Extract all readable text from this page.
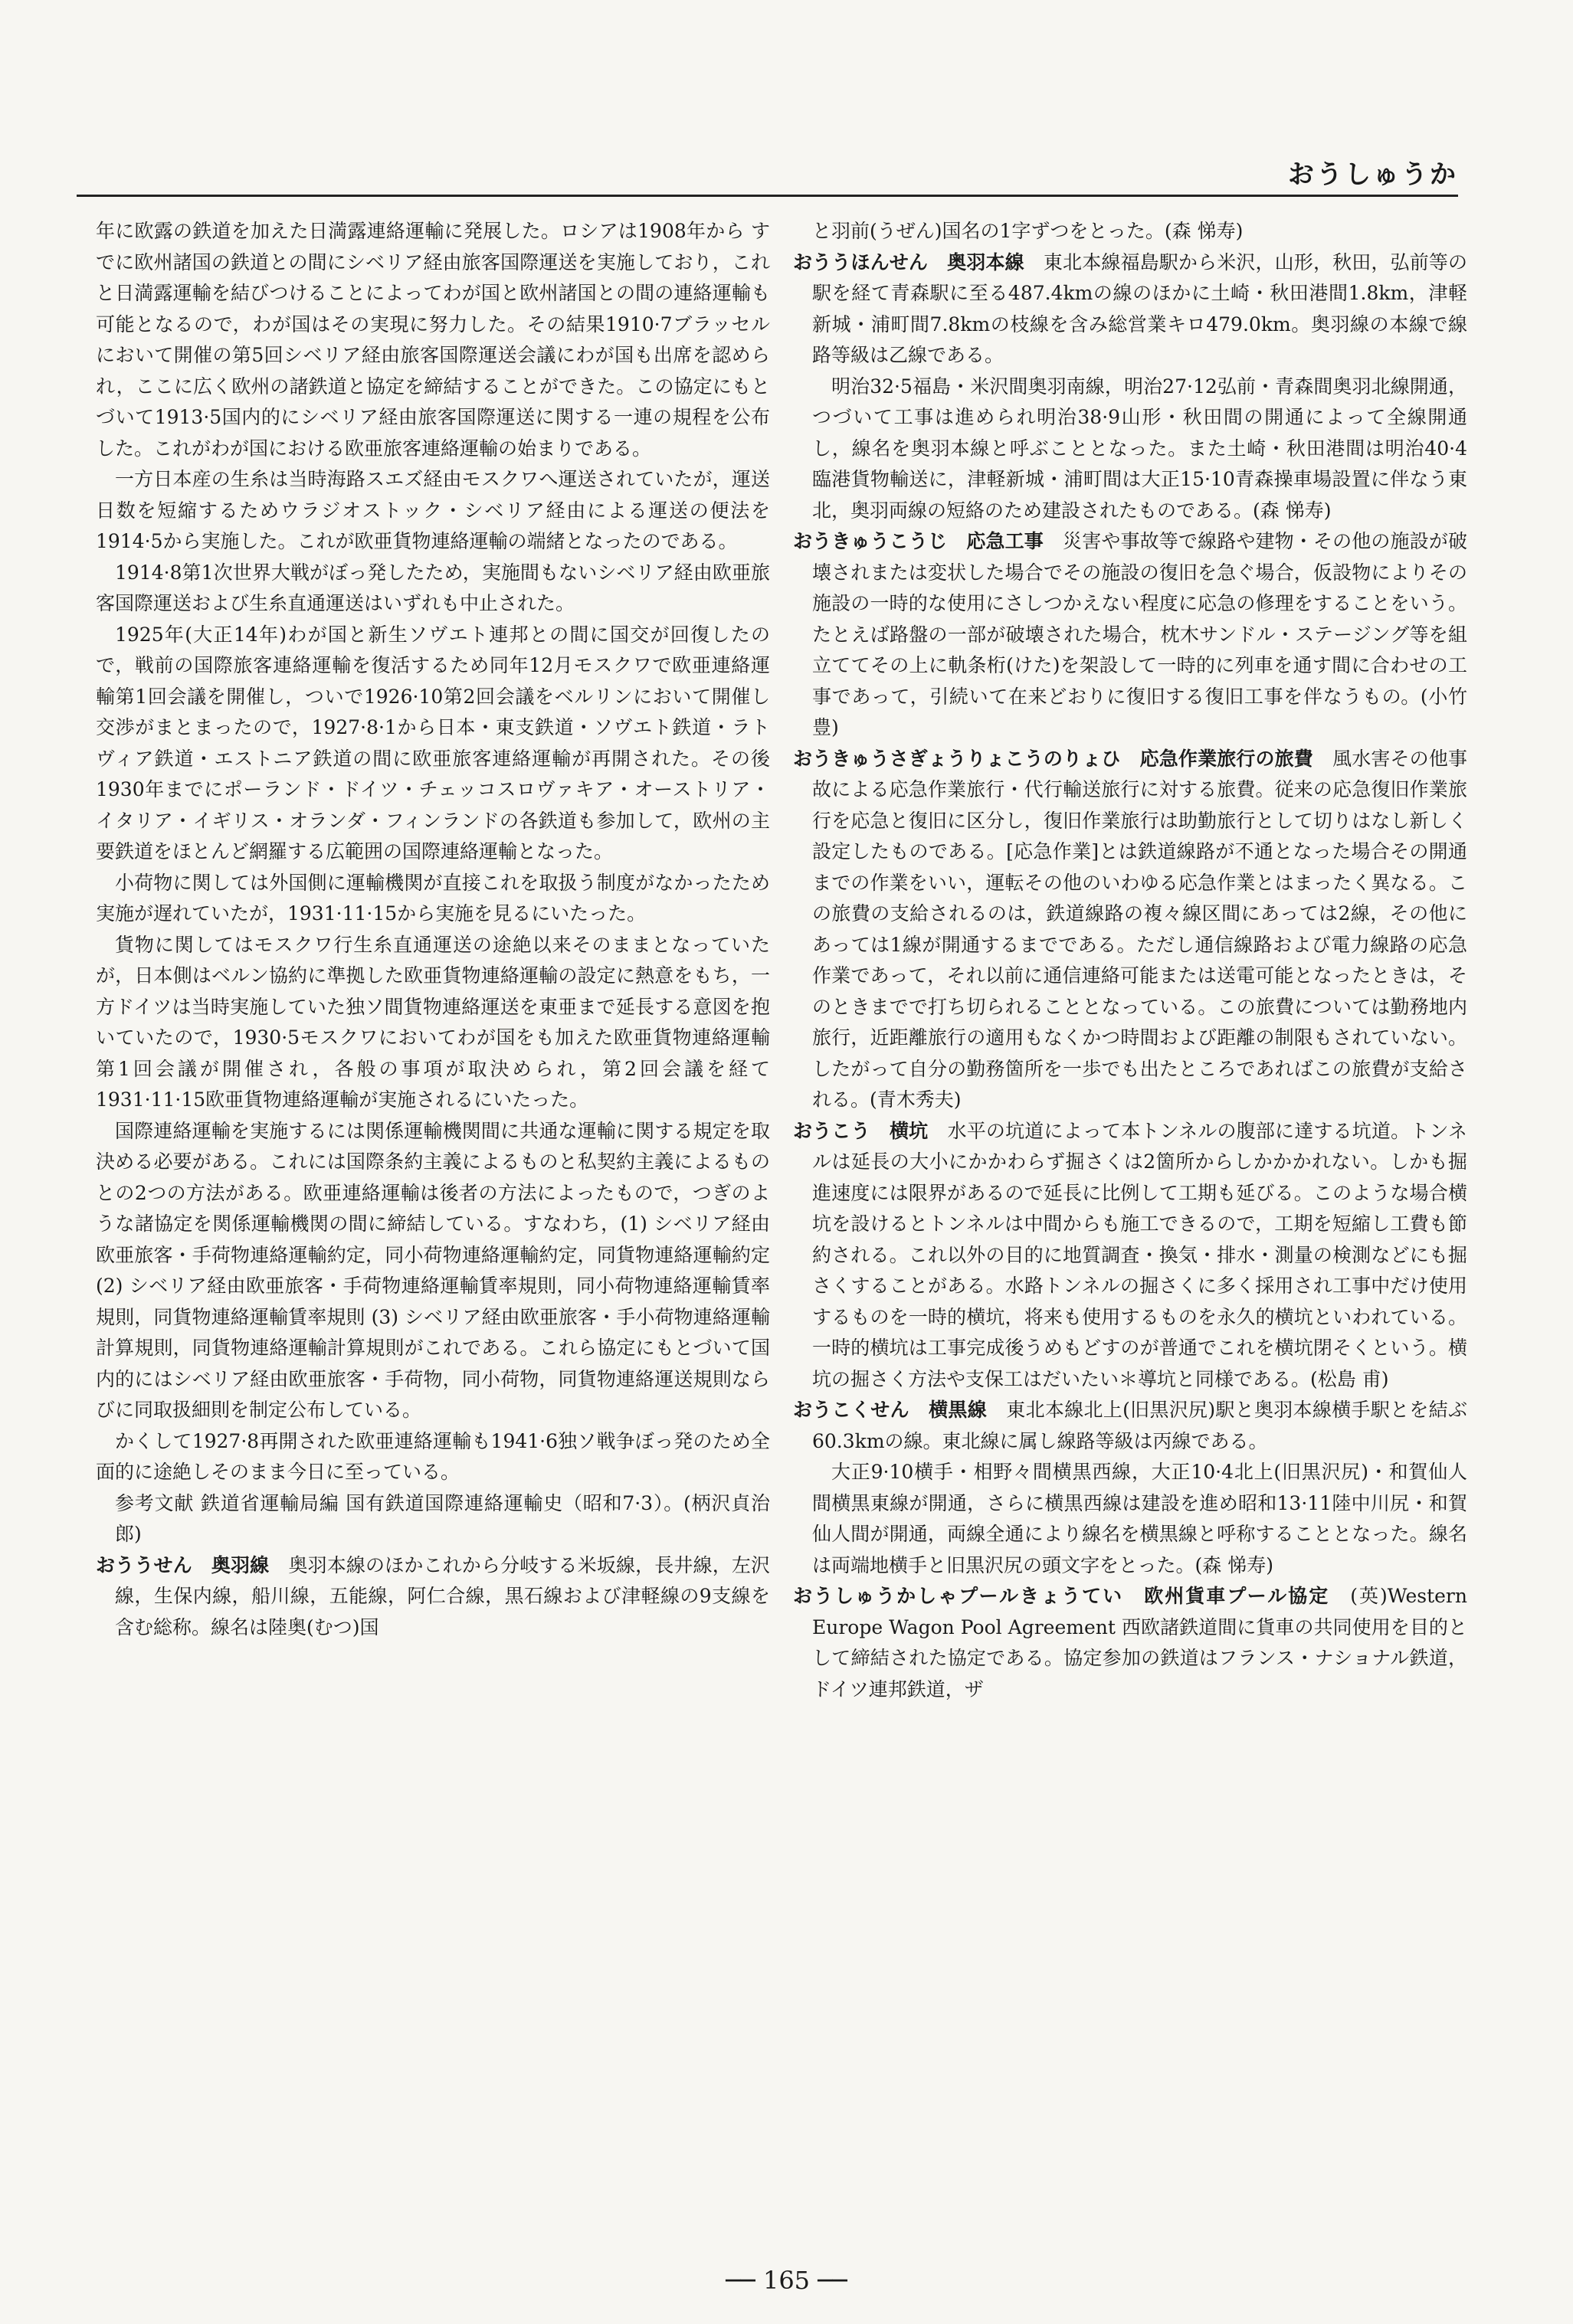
おうしゅうか

年に欧露の鉄道を加えた日満露連絡運輸に発展した。ロシアは1908年から すでに欧州諸国の鉄道との間にシベリア経由旅客国際運送を実施しており，これと日満露運輸を結びつけることによってわが国と欧州諸国との間の連絡運輸も可能となるので，わが国はその実現に努力した。その結果1910·7ブラッセルにおいて開催の第5回シベリア経由旅客国際運送会議にわが国も出席を認められ，ここに広く欧州の諸鉄道と協定を締結することができた。この協定にもとづいて1913·5国内的にシベリア経由旅客国際運送に関する一連の規程を公布した。これがわが国における欧亜旅客連絡運輸の始まりである。

一方日本産の生糸は当時海路スエズ経由モスクワへ運送されていたが，運送日数を短縮するためウラジオストック・シベリア経由による運送の便法を1914·5から実施した。これが欧亜貨物連絡運輸の端緒となったのである。

1914·8第1次世界大戦がぼっ発したため，実施間もないシベリア経由欧亜旅客国際運送および生糸直通運送はいずれも中止された。

1925年(大正14年)わが国と新生ソヴエト連邦との間に国交が回復したので，戦前の国際旅客連絡運輸を復活するため同年12月モスクワで欧亜連絡運輸第1回会議を開催し，ついで1926·10第2回会議をベルリンにおいて開催し交渉がまとまったので，1927·8·1から日本・東支鉄道・ソヴエト鉄道・ラトヴィア鉄道・エストニア鉄道の間に欧亜旅客連絡運輸が再開された。その後1930年までにポーランド・ドイツ・チェッコスロヴァキア・オーストリア・イタリア・イギリス・オランダ・フィンランドの各鉄道も参加して，欧州の主要鉄道をほとんど網羅する広範囲の国際連絡運輸となった。

小荷物に関しては外国側に運輸機関が直接これを取扱う制度がなかったため実施が遅れていたが，1931·11·15から実施を見るにいたった。

貨物に関してはモスクワ行生糸直通運送の途絶以来そのままとなっていたが，日本側はベルン協約に準拠した欧亜貨物連絡運輸の設定に熱意をもち，一方ドイツは当時実施していた独ソ間貨物連絡運送を東亜まで延長する意図を抱いていたので，1930·5モスクワにおいてわが国をも加えた欧亜貨物連絡運輸第1回会議が開催され，各般の事項が取決められ，第2回会議を経て1931·11·15欧亜貨物連絡運輸が実施されるにいたった。

国際連絡運輸を実施するには関係運輸機関間に共通な運輸に関する規定を取決める必要がある。これには国際条約主義によるものと私契約主義によるものとの2つの方法がある。欧亜連絡運輸は後者の方法によったもので，つぎのような諸協定を関係運輸機関の間に締結している。すなわち，(1) シベリア経由欧亜旅客・手荷物連絡運輸約定，同小荷物連絡運輸約定，同貨物連絡運輸約定 (2) シベリア経由欧亜旅客・手荷物連絡運輸賃率規則，同小荷物連絡運輸賃率規則，同貨物連絡運輸賃率規則 (3) シベリア経由欧亜旅客・手小荷物連絡運輸計算規則，同貨物連絡運輸計算規則がこれである。これら協定にもとづいて国内的にはシベリア経由欧亜旅客・手荷物，同小荷物，同貨物連絡運送規則ならびに同取扱細則を制定公布している。

かくして1927·8再開された欧亜連絡運輸も1941·6独ソ戦争ぼっ発のため全面的に途絶しそのまま今日に至っている。

参考文献 鉄道省運輸局編 国有鉄道国際連絡運輸史（昭和7·3）。(柄沢貞治郎)

おううせん　奥羽線　奥羽本線のほかこれから分岐する米坂線，長井線，左沢線，生保内線，船川線，五能線，阿仁合線，黒石線および津軽線の9支線を含む総称。線名は陸奥(むつ)国

と羽前(うぜん)国名の1字ずつをとった。(森 悌寿)

おううほんせん　奥羽本線　東北本線福島駅から米沢，山形，秋田，弘前等の駅を経て青森駅に至る487.4kmの線のほかに土崎・秋田港間1.8km，津軽新城・浦町間7.8kmの枝線を含み総営業キロ479.0km。奥羽線の本線で線路等級は乙線である。

明治32·5福島・米沢間奥羽南線，明治27·12弘前・青森間奥羽北線開通，つづいて工事は進められ明治38·9山形・秋田間の開通によって全線開通し，線名を奥羽本線と呼ぶこととなった。また土崎・秋田港間は明治40·4臨港貨物輸送に，津軽新城・浦町間は大正15·10青森操車場設置に伴なう東北，奥羽両線の短絡のため建設されたものである。(森 悌寿)

おうきゅうこうじ　応急工事　災害や事故等で線路や建物・その他の施設が破壊されまたは変状した場合でその施設の復旧を急ぐ場合，仮設物によりその施設の一時的な使用にさしつかえない程度に応急の修理をすることをいう。たとえば路盤の一部が破壊された場合，枕木サンドル・ステージング等を組立ててその上に軌条桁(けた)を架設して一時的に列車を通す間に合わせの工事であって，引続いて在来どおりに復旧する復旧工事を伴なうもの。(小竹 豊)

おうきゅうさぎょうりょこうのりょひ　応急作業旅行の旅費　風水害その他事故による応急作業旅行・代行輸送旅行に対する旅費。従来の応急復旧作業旅行を応急と復旧に区分し，復旧作業旅行は助勤旅行として切りはなし新しく設定したものである。[応急作業]とは鉄道線路が不通となった場合その開通までの作業をいい，運転その他のいわゆる応急作業とはまったく異なる。この旅費の支給されるのは，鉄道線路の複々線区間にあっては2線，その他にあっては1線が開通するまでである。ただし通信線路および電力線路の応急作業であって，それ以前に通信連絡可能または送電可能となったときは，そのときまでで打ち切られることとなっている。この旅費については勤務地内旅行，近距離旅行の適用もなくかつ時間および距離の制限もされていない。したがって自分の勤務箇所を一歩でも出たところであればこの旅費が支給される。(青木秀夫)

おうこう　横坑　水平の坑道によって本トンネルの腹部に達する坑道。トンネルは延長の大小にかかわらず掘さくは2箇所からしかかかれない。しかも掘進速度には限界があるので延長に比例して工期も延びる。このような場合横坑を設けるとトンネルは中間からも施工できるので，工期を短縮し工費も節約される。これ以外の目的に地質調査・換気・排水・測量の検測などにも掘さくすることがある。水路トンネルの掘さくに多く採用され工事中だけ使用するものを一時的横坑，将来も使用するものを永久的横坑といわれている。一時的横坑は工事完成後うめもどすのが普通でこれを横坑閉そくという。横坑の掘さく方法や支保工はだいたい＊導坑と同様である。(松島 甫)

おうこくせん　横黒線　東北本線北上(旧黒沢尻)駅と奥羽本線横手駅とを結ぶ60.3kmの線。東北線に属し線路等級は丙線である。

大正9·10横手・相野々間横黒西線，大正10·4北上(旧黒沢尻)・和賀仙人間横黒東線が開通，さらに横黒西線は建設を進め昭和13·11陸中川尻・和賀仙人間が開通，両線全通により線名を横黒線と呼称することとなった。線名は両端地横手と旧黒沢尻の頭文字をとった。(森 悌寿)

おうしゅうかしゃプールきょうてい　欧州貨車プール協定　(英)Western Europe Wagon Pool Agreement 西欧諸鉄道間に貨車の共同使用を目的として締結された協定である。協定参加の鉄道はフランス・ナショナル鉄道，ドイツ連邦鉄道，ザ

── 165 ──
